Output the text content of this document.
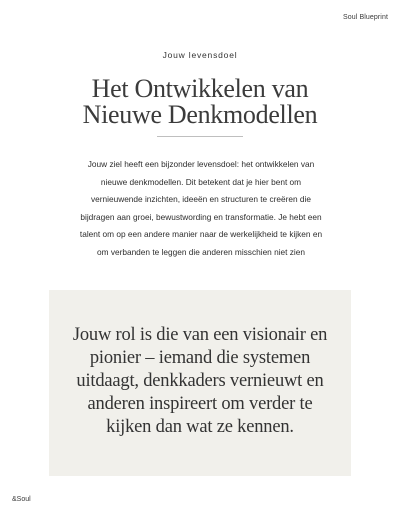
Soul Blueprint
Jouw levensdoel
Het Ontwikkelen van
Nieuwe Denkmodellen
Jouw ziel heeft een bijzonder levensdoel: het ontwikkelen van
nieuwe denkmodellen. Dit betekent dat je hier bent om
vernieuwende inzichten, ideeën en structuren te creëren die
bijdragen aan groei, bewustwording en transformatie. Je hebt een
talent om op een andere manier naar de werkelijkheid te kijken en
om verbanden te leggen die anderen misschien niet zien
Jouw rol is die van een visionair en
pionier – iemand die systemen
uitdaagt, denkkaders vernieuwt en
anderen inspireert om verder te
kijken dan wat ze kennen.
&Soul
